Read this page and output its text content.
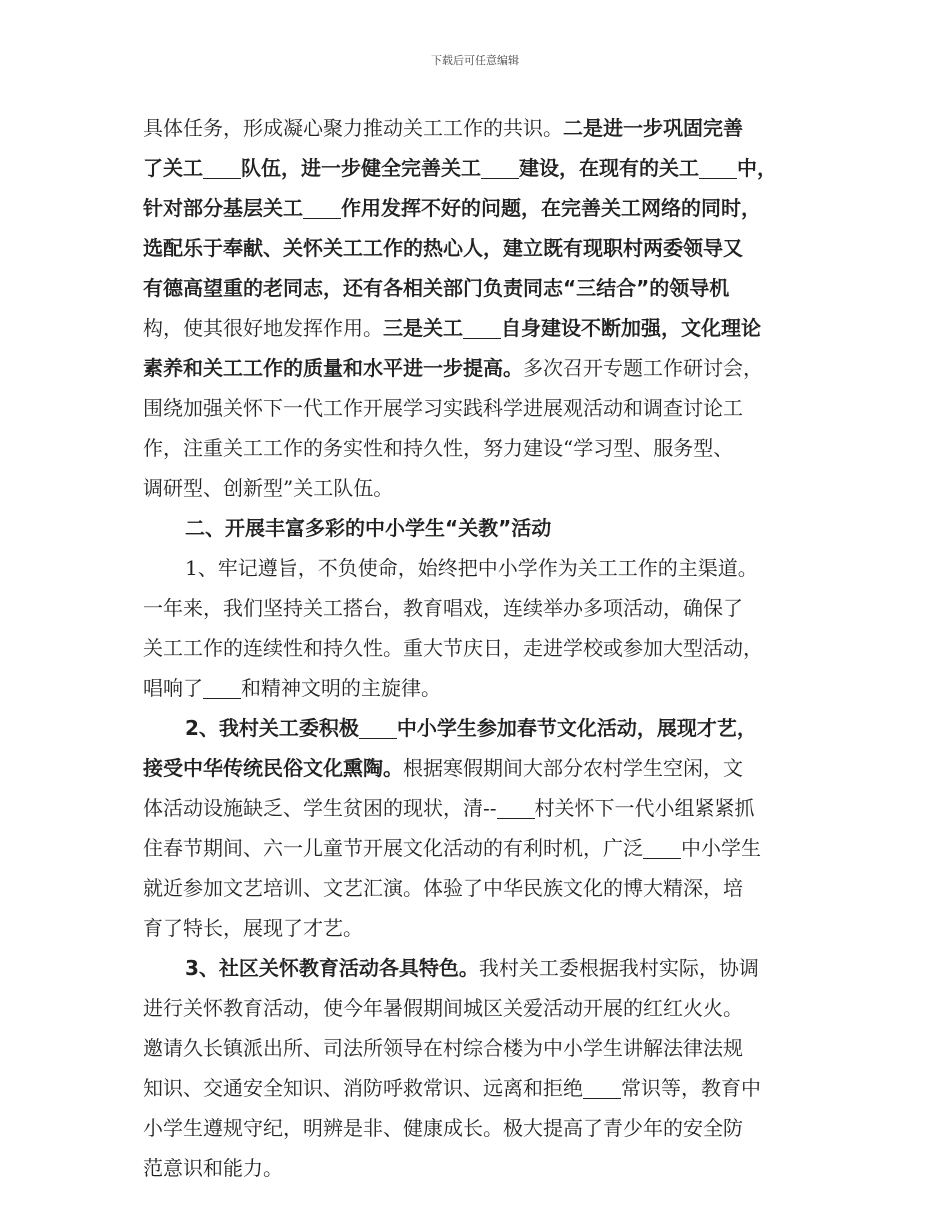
下载后可任意编辑
具体任务，形成凝心聚力推动关工工作的共识。二是进一步巩固完善
了关工 队伍，进一步健全完善关工 建设，在现有的关工 中，
针对部分基层关工 作用发挥不好的问题，在完善关工网络的同时，
选配乐于奉献、关怀关工工作的热心人，建立既有现职村两委领导又
有德高望重的老同志，还有各相关部门负责同志“三结合”的领导机
构，使其很好地发挥作用。三是关工 自身建设不断加强，文化理论
素养和关工工作的质量和水平进一步提高。多次召开专题工作研讨会，
围绕加强关怀下一代工作开展学习实践科学进展观活动和调查讨论工
作，注重关工工作的务实性和持久性，努力建设“学习型、服务型、
调研型、创新型”关工队伍。
二、开展丰富多彩的中小学生“关教”活动
1、牢记遵旨，不负使命，始终把中小学作为关工工作的主渠道。
一年来，我们坚持关工搭台，教育唱戏，连续举办多项活动，确保了
关工工作的连续性和持久性。重大节庆日，走进学校或参加大型活动，
唱响了 和精神文明的主旋律。
2、我村关工委积极 中小学生参加春节文化活动，展现才艺，
接受中华传统民俗文化熏陶。根据寒假期间大部分农村学生空闲，文
体活动设施缺乏、学生贫困的现状，清-- 村关怀下一代小组紧紧抓
住春节期间、六一儿童节开展文化活动的有利时机，广泛 中小学生
就近参加文艺培训、文艺汇演。体验了中华民族文化的博大精深，培
育了特长，展现了才艺。
3、社区关怀教育活动各具特色。我村关工委根据我村实际，协调
进行关怀教育活动，使今年暑假期间城区关爱活动开展的红红火火。
邀请久长镇派出所、司法所领导在村综合楼为中小学生讲解法律法规
知识、交通安全知识、消防呼救常识、远离和拒绝 常识等，教育中
小学生遵规守纪，明辨是非、健康成长。极大提高了青少年的安全防
范意识和能力。
